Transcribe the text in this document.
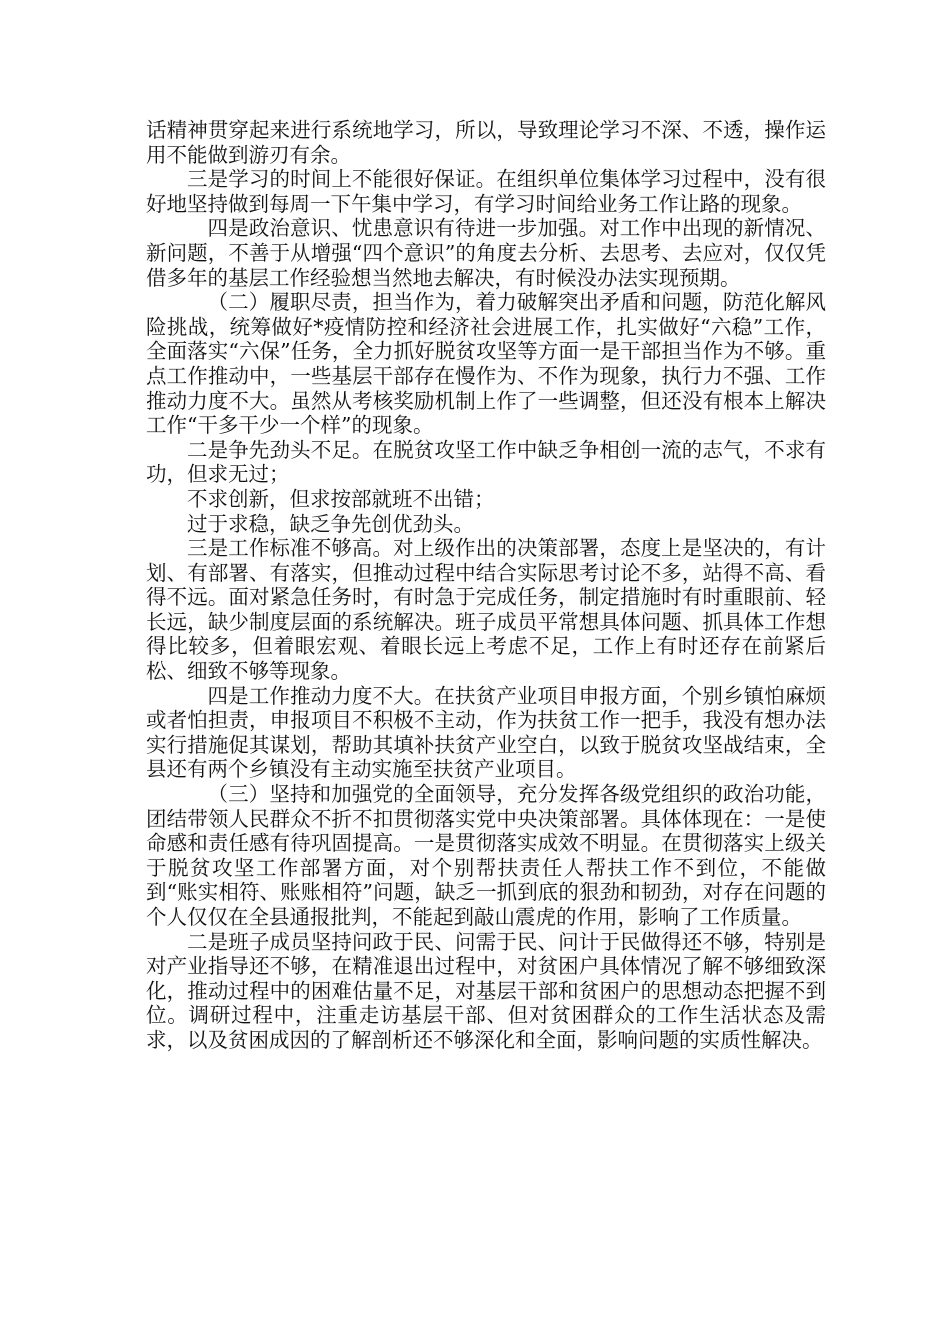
话精神贯穿起来进行系统地学习，所以，导致理论学习不深、不透，操作运用不能做到游刃有余。

三是学习的时间上不能很好保证。在组织单位集体学习过程中，没有很好地坚持做到每周一下午集中学习，有学习时间给业务工作让路的现象。

四是政治意识、忧患意识有待进一步加强。对工作中出现的新情况、新问题，不善于从增强“四个意识”的角度去分析、去思考、去应对，仅仅凭借多年的基层工作经验想当然地去解决，有时候没办法实现预期。

（二）履职尽责，担当作为，着力破解突出矛盾和问题，防范化解风险挑战，统筹做好*疫情防控和经济社会进展工作，扎实做好“六稳”工作，全面落实“六保”任务，全力抓好脱贫攻坚等方面一是干部担当作为不够。重点工作推动中，一些基层干部存在慢作为、不作为现象，执行力不强、工作推动力度不大。虽然从考核奖励机制上作了一些调整，但还没有根本上解决工作“干多干少一个样”的现象。

二是争先劲头不足。在脱贫攻坚工作中缺乏争相创一流的志气，不求有功，但求无过；

不求创新，但求按部就班不出错；

过于求稳，缺乏争先创优劲头。

三是工作标准不够高。对上级作出的决策部署，态度上是坚决的，有计划、有部署、有落实，但推动过程中结合实际思考讨论不多，站得不高、看得不远。面对紧急任务时，有时急于完成任务，制定措施时有时重眼前、轻长远，缺少制度层面的系统解决。班子成员平常想具体问题、抓具体工作想得比较多，但着眼宏观、着眼长远上考虑不足，工作上有时还存在前紧后松、细致不够等现象。

四是工作推动力度不大。在扶贫产业项目申报方面，个别乡镇怕麻烦或者怕担责，申报项目不积极不主动，作为扶贫工作一把手，我没有想办法实行措施促其谋划，帮助其填补扶贫产业空白，以致于脱贫攻坚战结束，全县还有两个乡镇没有主动实施至扶贫产业项目。

（三）坚持和加强党的全面领导，充分发挥各级党组织的政治功能，团结带领人民群众不折不扣贯彻落实党中央决策部署。具体体现在：一是使命感和责任感有待巩固提高。一是贯彻落实成效不明显。在贯彻落实上级关于脱贫攻坚工作部署方面，对个别帮扶责任人帮扶工作不到位，不能做到“账实相符、账账相符”问题，缺乏一抓到底的狠劲和韧劲，对存在问题的个人仅仅在全县通报批判，不能起到敲山震虎的作用，影响了工作质量。

二是班子成员坚持问政于民、问需于民、问计于民做得还不够，特别是对产业指导还不够，在精准退出过程中，对贫困户具体情况了解不够细致深化，推动过程中的困难估量不足，对基层干部和贫困户的思想动态把握不到位。调研过程中，注重走访基层干部、但对贫困群众的工作生活状态及需求，以及贫困成因的了解剖析还不够深化和全面，影响问题的实质性解决。
